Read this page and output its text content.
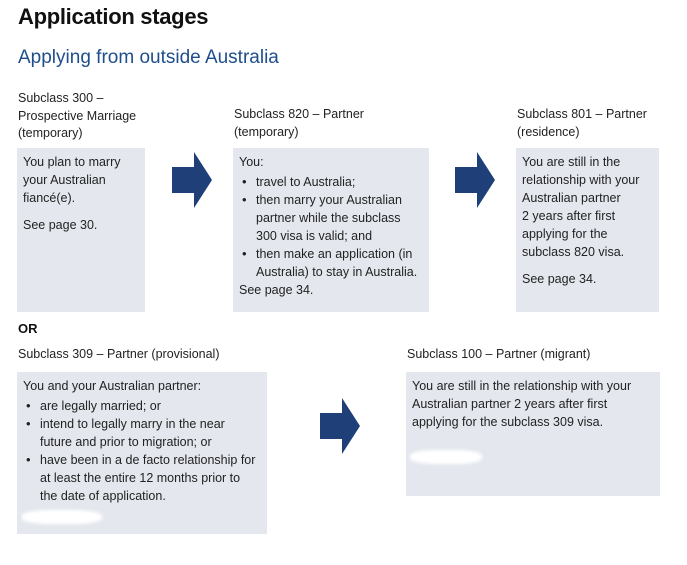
Application stages
Applying from outside Australia
Subclass 300 –
Prospective Marriage
(temporary)

You plan to marry

your Australian

fiancé(e).

See page 30.

Subclass 820 – Partner
(temporary)

You:

• travel to Australia;
• then marry your Australian
partner while the subclass
300 visa is valid; and
• then make an application (in
Australia) to stay in Australia.

See page 34.

Subclass 801 – Partner
(residence)

You are still in the

relationship with your

Australian partner

2 years after first

applying for the

subclass 820 visa.

See page 34.

OR
Subclass 309 – Partner (provisional)

You and your Australian partner:

• are legally married; or
• intend to legally marry in the near
future and prior to migration; or
• have been in a de facto relationship for
at least the entire 12 months prior to
the date of application.
Subclass 100 – Partner (migrant)

You are still in the relationship with your

Australian partner 2 years after first

applying for the subclass 309 visa.
